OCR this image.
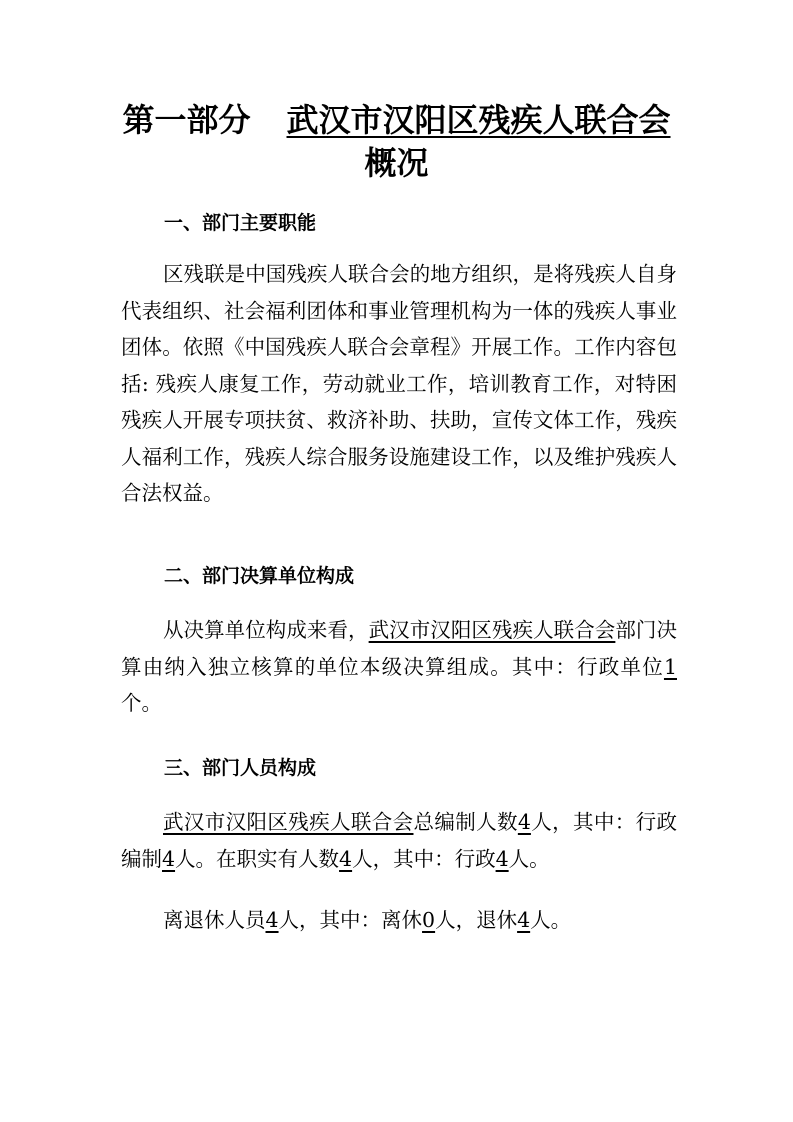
第一部分 武汉市汉阳区残疾人联合会
概况
一、部门主要职能

区残联是中国残疾人联合会的地方组织，是将残疾人自身代表组织、社会福利团体和事业管理机构为一体的残疾人事业团体。依照《中国残疾人联合会章程》开展工作。工作内容包括: 残疾人康复工作，劳动就业工作，培训教育工作，对特困残疾人开展专项扶贫、救济补助、扶助，宣传文体工作，残疾人福利工作，残疾人综合服务设施建设工作，以及维护残疾人合法权益。

二、部门决算单位构成

从决算单位构成来看，武汉市汉阳区残疾人联合会部门决算由纳入独立核算的单位本级决算组成。其中：行政单位1个。

三、部门人员构成

武汉市汉阳区残疾人联合会总编制人数4人，其中：行政编制4人。在职实有人数4人，其中：行政4人。

离退休人员4人，其中：离休0人，退休4人。
